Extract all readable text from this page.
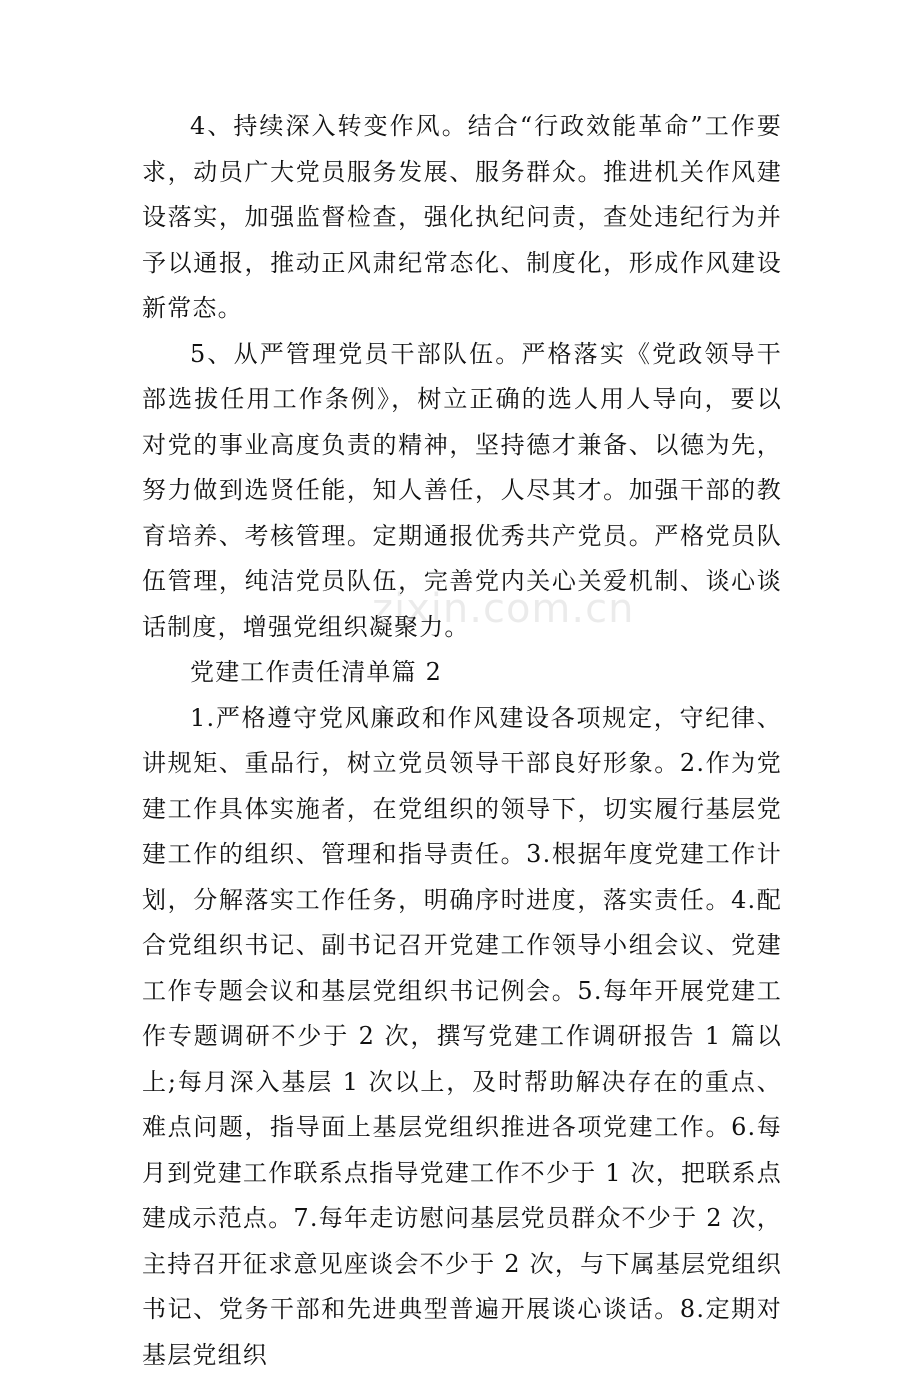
zixin.com.cn

4、持续深入转变作风。结合“行政效能革命”工作要求，动员广大党员服务发展、服务群众。推进机关作风建设落实，加强监督检查，强化执纪问责，查处违纪行为并予以通报，推动正风肃纪常态化、制度化，形成作风建设新常态。

5、从严管理党员干部队伍。严格落实《党政领导干部选拔任用工作条例》，树立正确的选人用人导向，要以对党的事业高度负责的精神，坚持德才兼备、以德为先，努力做到选贤任能，知人善任，人尽其才。加强干部的教育培养、考核管理。定期通报优秀共产党员。严格党员队伍管理，纯洁党员队伍，完善党内关心关爱机制、谈心谈话制度，增强党组织凝聚力。

党建工作责任清单篇 2

1.严格遵守党风廉政和作风建设各项规定，守纪律、讲规矩、重品行，树立党员领导干部良好形象。2.作为党建工作具体实施者，在党组织的领导下，切实履行基层党建工作的组织、管理和指导责任。3.根据年度党建工作计划，分解落实工作任务，明确序时进度，落实责任。4.配合党组织书记、副书记召开党建工作领导小组会议、党建工作专题会议和基层党组织书记例会。5.每年开展党建工作专题调研不少于 2 次，撰写党建工作调研报告 1 篇以上;每月深入基层 1 次以上，及时帮助解决存在的重点、难点问题，指导面上基层党组织推进各项党建工作。6.每月到党建工作联系点指导党建工作不少于 1 次，把联系点建成示范点。7.每年走访慰问基层党员群众不少于 2 次，主持召开征求意见座谈会不少于 2 次，与下属基层党组织书记、党务干部和先进典型普遍开展谈心谈话。8.定期对基层党组织
